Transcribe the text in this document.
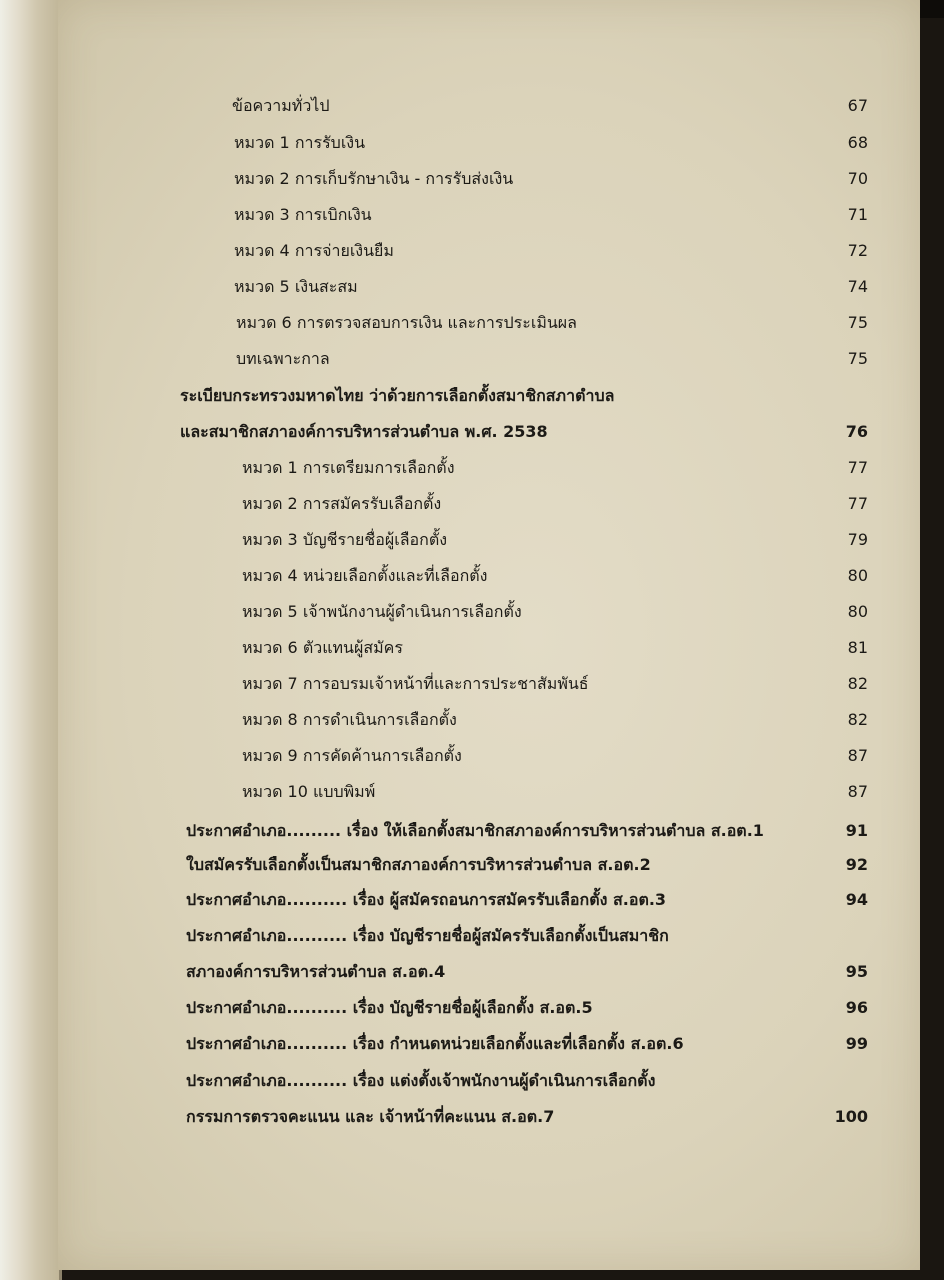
ข้อความทั่วไป	67
หมวด 1 การรับเงิน	68
หมวด 2 การเก็บรักษาเงิน - การรับส่งเงิน	70
หมวด 3 การเบิกเงิน	71
หมวด 4 การจ่ายเงินยืม	72
หมวด 5 เงินสะสม	74
หมวด 6 การตรวจสอบการเงิน และการประเมินผล	75
บทเฉพาะกาล	75
ระเบียบกระทรวงมหาดไทย ว่าด้วยการเลือกตั้งสมาชิกสภาตำบล
และสมาชิกสภาองค์การบริหารส่วนตำบล พ.ศ. 2538	76
หมวด 1 การเตรียมการเลือกตั้ง	77
หมวด 2 การสมัครรับเลือกตั้ง	77
หมวด 3 บัญชีรายชื่อผู้เลือกตั้ง	79
หมวด 4 หน่วยเลือกตั้งและที่เลือกตั้ง	80
หมวด 5 เจ้าพนักงานผู้ดำเนินการเลือกตั้ง	80
หมวด 6 ตัวแทนผู้สมัคร	81
หมวด 7 การอบรมเจ้าหน้าที่และการประชาสัมพันธ์	82
หมวด 8 การดำเนินการเลือกตั้ง	82
หมวด 9 การคัดค้านการเลือกตั้ง	87
หมวด 10 แบบพิมพ์	87
ประกาศอำเภอ......... เรื่อง ให้เลือกตั้งสมาชิกสภาองค์การบริหารส่วนตำบล ส.อต.1	91
ใบสมัครรับเลือกตั้งเป็นสมาชิกสภาองค์การบริหารส่วนตำบล ส.อต.2	92
ประกาศอำเภอ.......... เรื่อง ผู้สมัครถอนการสมัครรับเลือกตั้ง ส.อต.3	94
ประกาศอำเภอ.......... เรื่อง บัญชีรายชื่อผู้สมัครรับเลือกตั้งเป็นสมาชิก
สภาองค์การบริหารส่วนตำบล ส.อต.4	95
ประกาศอำเภอ.......... เรื่อง บัญชีรายชื่อผู้เลือกตั้ง ส.อต.5	96
ประกาศอำเภอ.......... เรื่อง กำหนดหน่วยเลือกตั้งและที่เลือกตั้ง ส.อต.6	99
ประกาศอำเภอ.......... เรื่อง แต่งตั้งเจ้าพนักงานผู้ดำเนินการเลือกตั้ง
กรรมการตรวจคะแนน และ เจ้าหน้าที่คะแนน ส.อต.7	100
